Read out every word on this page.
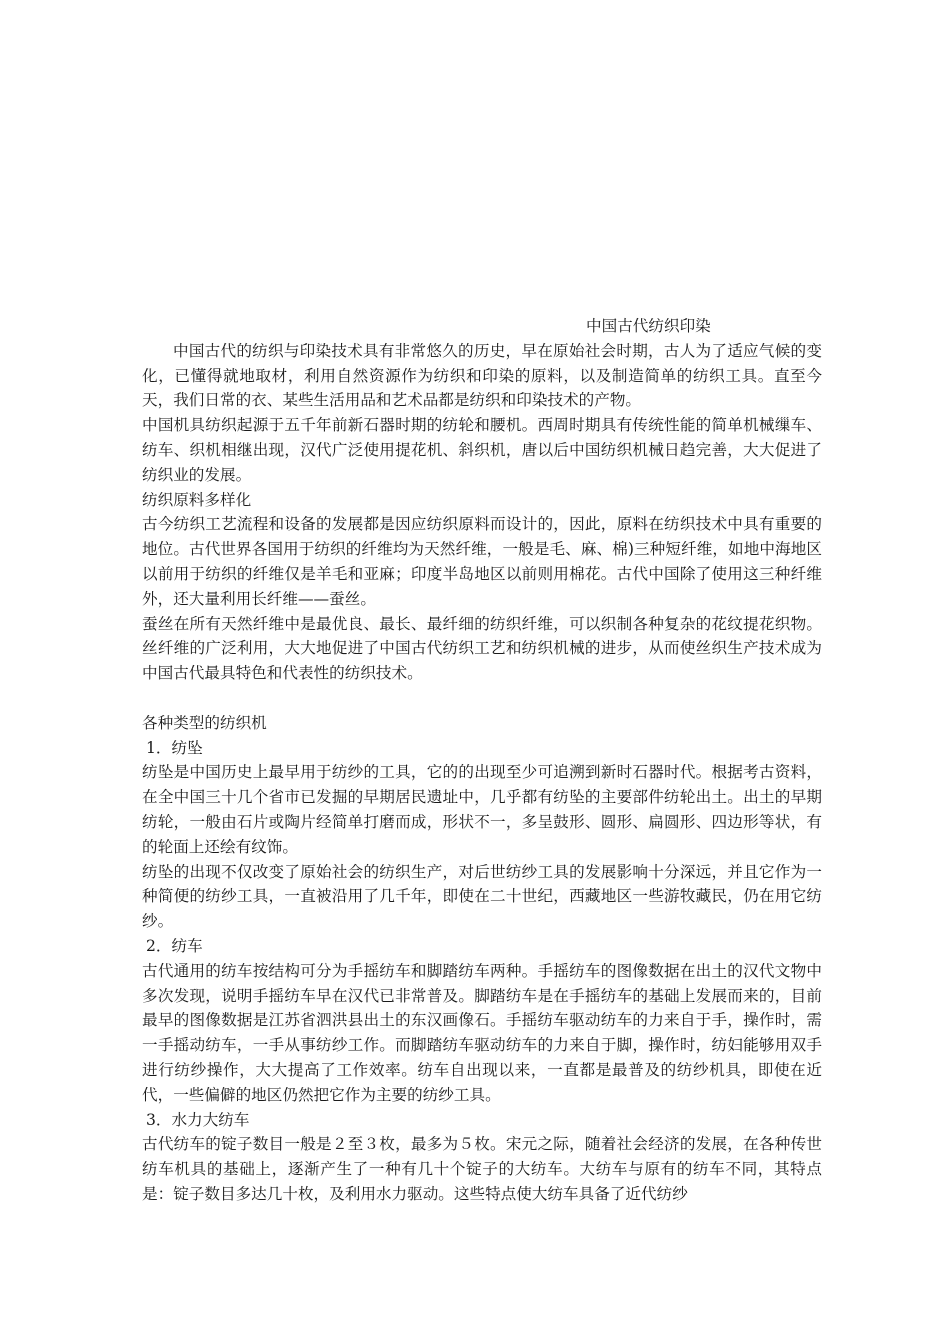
中国古代纺织印染

中国古代的纺织与印染技术具有非常悠久的历史，早在原始社会时期，古人为了适应气候的变化，已懂得就地取材，利用自然资源作为纺织和印染的原料，以及制造简单的纺织工具。直至今天，我们日常的衣、某些生活用品和艺术品都是纺织和印染技术的产物。

中国机具纺织起源于五千年前新石器时期的纺轮和腰机。西周时期具有传统性能的简单机械缫车、纺车、织机相继出现，汉代广泛使用提花机、斜织机，唐以后中国纺织机械日趋完善，大大促进了纺织业的发展。

纺织原料多样化

古今纺织工艺流程和设备的发展都是因应纺织原料而设计的，因此，原料在纺织技术中具有重要的地位。古代世界各国用于纺织的纤维均为天然纤维，一般是毛、麻、棉)三种短纤维，如地中海地区以前用于纺织的纤维仅是羊毛和亚麻；印度半岛地区以前则用棉花。古代中国除了使用这三种纤维外，还大量利用长纤维——蚕丝。

蚕丝在所有天然纤维中是最优良、最长、最纤细的纺织纤维，可以织制各种复杂的花纹提花织物。丝纤维的广泛利用，大大地促进了中国古代纺织工艺和纺织机械的进步，从而使丝织生产技术成为中国古代最具特色和代表性的纺织技术。

各种类型的纺织机

1．纺坠

纺坠是中国历史上最早用于纺纱的工具，它的的出现至少可追溯到新时石器时代。根据考古资料，在全中国三十几个省市已发掘的早期居民遗址中，几乎都有纺坠的主要部件纺轮出土。出土的早期纺轮，一般由石片或陶片经简单打磨而成，形状不一，多呈鼓形、圆形、扁圆形、四边形等状，有的轮面上还绘有纹饰。

纺坠的出现不仅改变了原始社会的纺织生产，对后世纺纱工具的发展影响十分深远，并且它作为一种简便的纺纱工具，一直被沿用了几千年，即使在二十世纪，西藏地区一些游牧藏民，仍在用它纺纱。

2．纺车

古代通用的纺车按结构可分为手摇纺车和脚踏纺车两种。手摇纺车的图像数据在出土的汉代文物中多次发现，说明手摇纺车早在汉代已非常普及。脚踏纺车是在手摇纺车的基础上发展而来的，目前最早的图像数据是江苏省泗洪县出土的东汉画像石。手摇纺车驱动纺车的力来自于手，操作时，需一手摇动纺车，一手从事纺纱工作。而脚踏纺车驱动纺车的力来自于脚，操作时，纺妇能够用双手进行纺纱操作，大大提高了工作效率。纺车自出现以来，一直都是最普及的纺纱机具，即使在近代，一些偏僻的地区仍然把它作为主要的纺纱工具。

3．水力大纺车

古代纺车的锭子数目一般是２至３枚，最多为５枚。宋元之际，随着社会经济的发展，在各种传世纺车机具的基础上，逐渐产生了一种有几十个锭子的大纺车。大纺车与原有的纺车不同，其特点是：锭子数目多达几十枚，及利用水力驱动。这些特点使大纺车具备了近代纺纱
